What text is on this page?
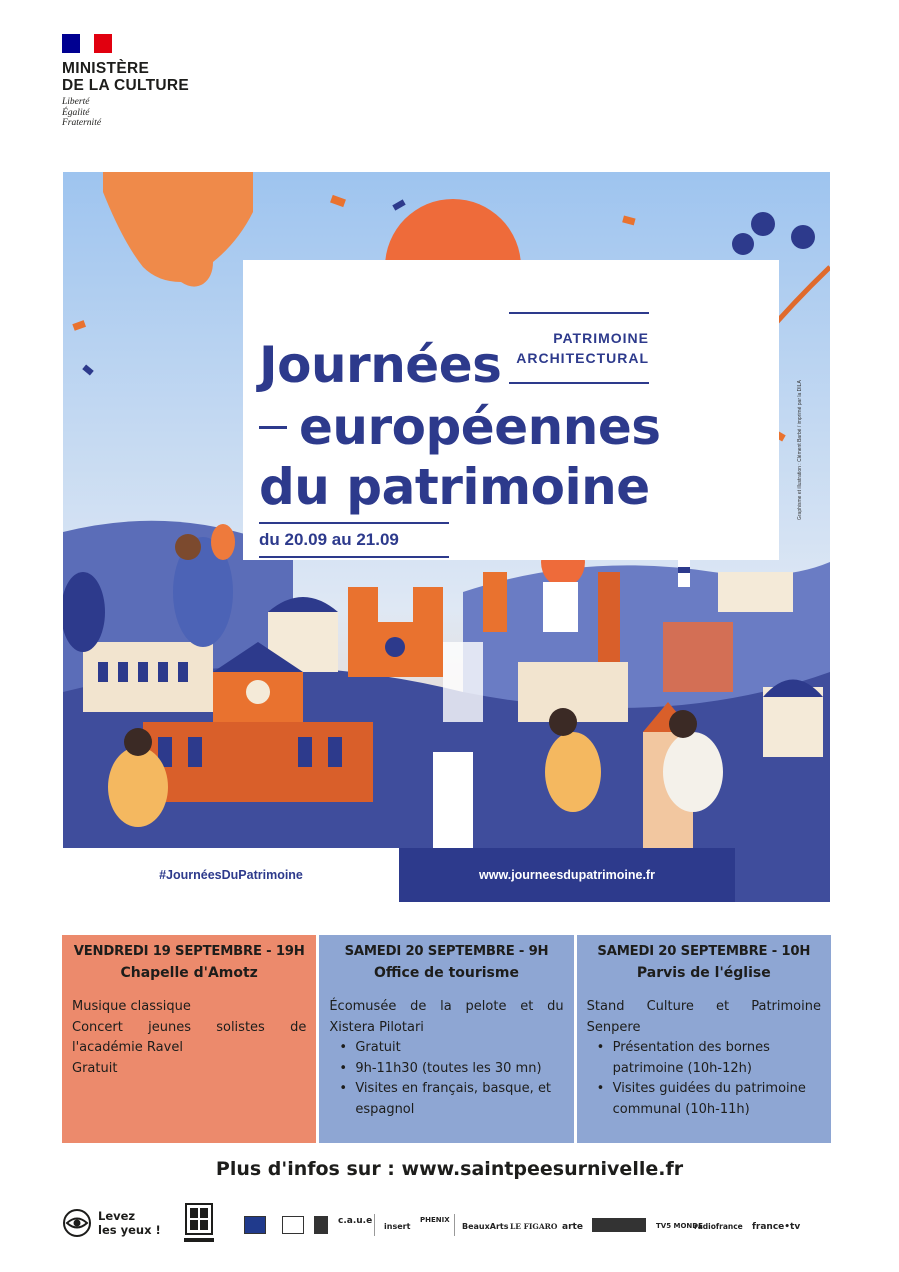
MINISTÈRE
DE LA CULTURE
Liberté
Égalité
Fraternité
PATRIMOINE
ARCHITECTURAL
Journées
européennes
du patrimoine
du 20.09 au 21.09
Graphisme et illustration : Clément Barbé / imprimé par la DILA
#JournéesDuPatrimoine	www.journeesdupatrimoine.fr
VENDREDI 19 SEPTEMBRE - 19H
Chapelle d'Amotz

Musique classique

Concert jeunes solistes de l'académie Ravel

Gratuit

SAMEDI 20 SEPTEMBRE - 9H
Office de tourisme

Écomusée de la pelote et du Xistera Pilotari

• Gratuit
• 9h-11h30 (toutes les 30 mn)
• Visites en français, basque, et espagnol
SAMEDI 20 SEPTEMBRE - 10H
Parvis de l'église

Stand Culture et Patrimoine Senpere

• Présentation des bornes patrimoine (10h-12h)
• Visites guidées du patrimoine communal (10h-11h)
Plus d'infos sur : www.saintpeesurnivelle.fr
Levez
les yeux !
c.a.u.e
insert
PHENIX
BeauxArts LE FIGARO arte	TV5 MONDE
radiofrance france•tv
